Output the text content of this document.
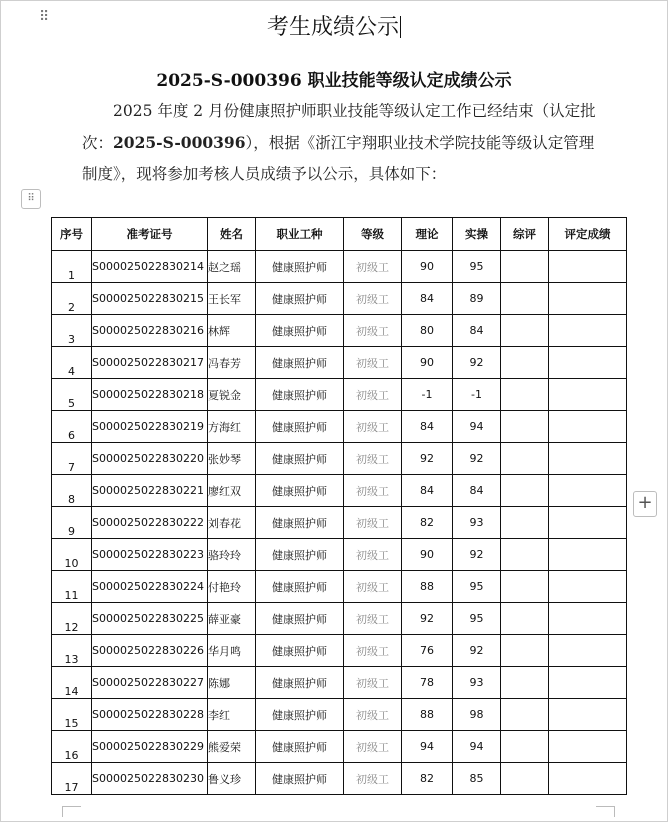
⠿	考生成绩公示
2025-S-000396 职业技能等级认定成绩公示
2025 年度 2 月份健康照护师职业技能等级认定工作已经结束（认定批次：2025-S-000396），根据《浙江宇翔职业技术学院技能等级认定管理制度》，现将参加考核人员成绩予以公示，具体如下：
⠿
+
序号	准考证号	姓名	职业工种	等级	理论	实操	综评	评定成绩
1	S000025022830214	赵之瑶	健康照护师	初级工	90	95		
2	S000025022830215	王长军	健康照护师	初级工	84	89		
3	S000025022830216	林辉	健康照护师	初级工	80	84		
4	S000025022830217	冯春芳	健康照护师	初级工	90	92		
5	S000025022830218	夏锐金	健康照护师	初级工	-1	-1		
6	S000025022830219	方海红	健康照护师	初级工	84	94		
7	S000025022830220	张妙琴	健康照护师	初级工	92	92		
8	S000025022830221	廖红双	健康照护师	初级工	84	84		
9	S000025022830222	刘春花	健康照护师	初级工	82	93		
10	S000025022830223	骆玲玲	健康照护师	初级工	90	92		
11	S000025022830224	付艳玲	健康照护师	初级工	88	95		
12	S000025022830225	薛亚豪	健康照护师	初级工	92	95		
13	S000025022830226	华月鸣	健康照护师	初级工	76	92		
14	S000025022830227	陈娜	健康照护师	初级工	78	93		
15	S000025022830228	李红	健康照护师	初级工	88	98		
16	S000025022830229	熊爱荣	健康照护师	初级工	94	94		
17	S000025022830230	鲁义珍	健康照护师	初级工	82	85		
